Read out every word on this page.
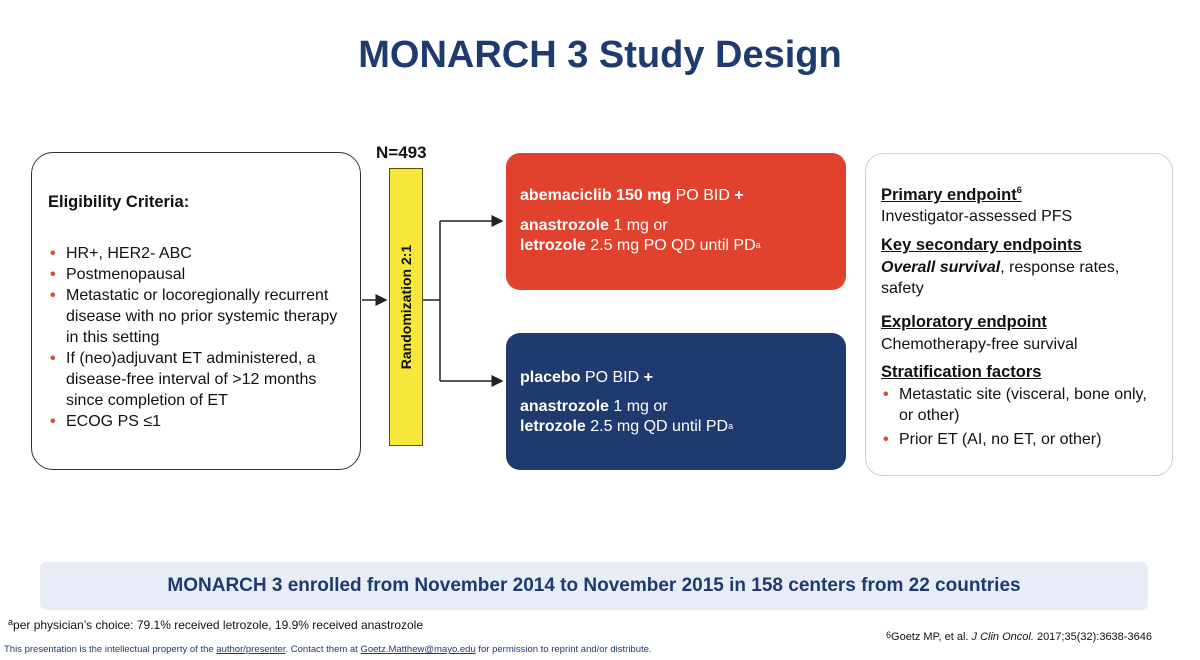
MONARCH 3 Study Design
Eligibility Criteria:
• HR+, HER2- ABC
• Postmenopausal
• Metastatic or locoregionally recurrent disease with no prior systemic therapy in this setting
• If (neo)adjuvant ET administered, a disease-free interval of >12 months since completion of ET
• ECOG PS ≤1
N=493
Randomization 2:1
abemaciclib 150 mg PO BID +
anastrozole 1 mg or
letrozole 2.5 mg PO QD until $PD^a$
placebo PO BID +
anastrozole 1 mg or
letrozole 2.5 mg QD until $PD^a$
Primary endpoint$^6$
Investigator-assessed PFS
Key secondary endpoints
Overall survival, response rates, safety
Exploratory endpoint
Chemotherapy-free survival
Stratification factors
• Metastatic site (visceral, bone only, or other)
• Prior ET (AI, no ET, or other)
MONARCH 3 enrolled from November 2014 to November 2015 in 158 centers from 22 countries
$^a$per physician’s choice: 79.1% received letrozole, 19.9% received anastrozole
$^6$Goetz MP, et al. J Clin Oncol. 2017;35(32):3638-3646
This presentation is the intellectual property of the author/presenter. Contact them at Goetz.Matthew@mayo.edu for permission to reprint and/or distribute.
